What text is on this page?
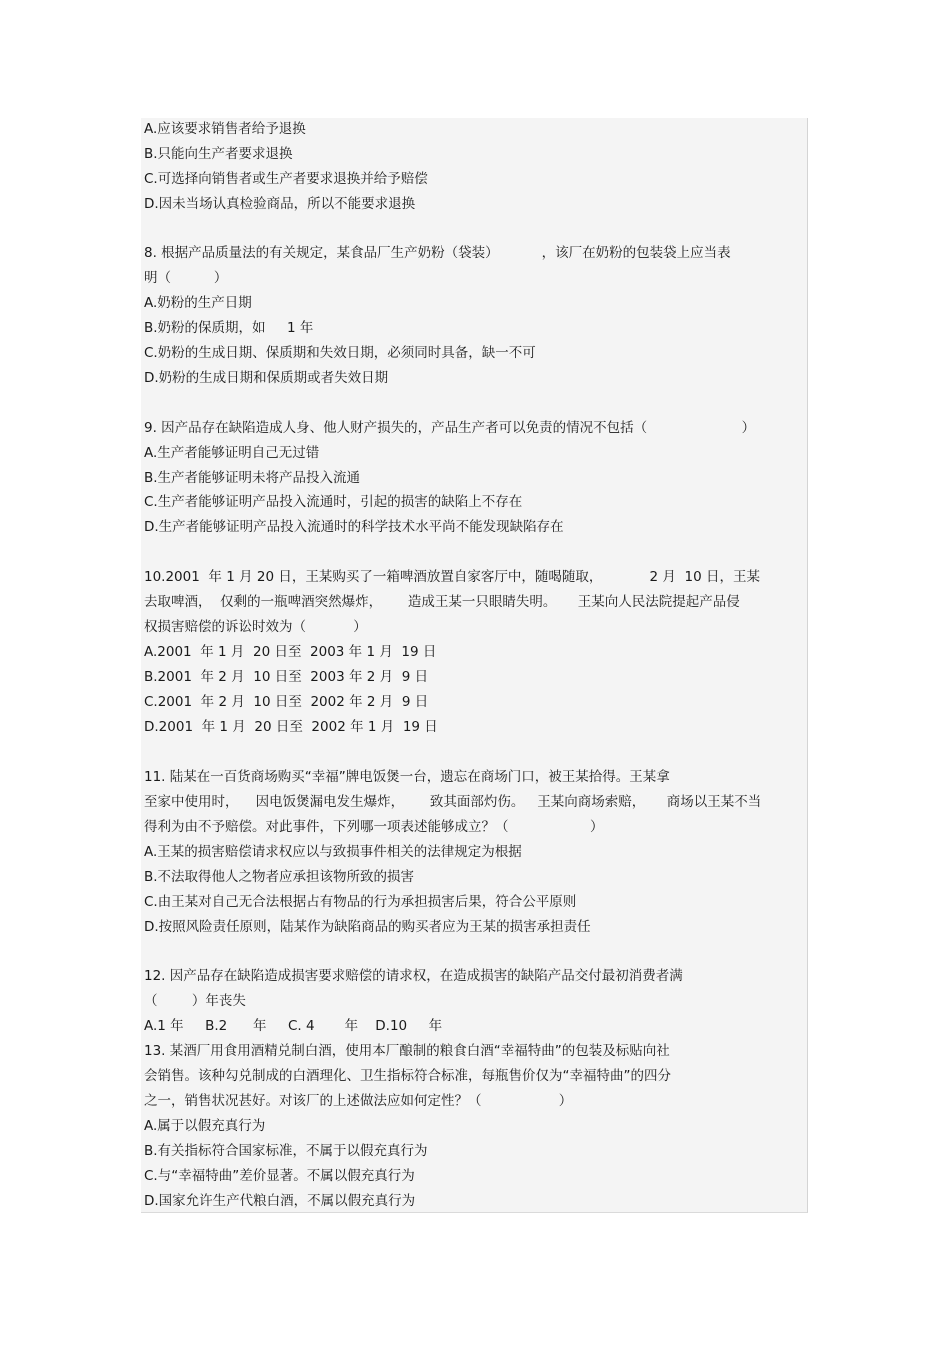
A.应该要求销售者给予退换
B.只能向生产者要求退换
C.可选择向销售者或生产者要求退换并给予赔偿
D.因未当场认真检验商品，所以不能要求退换
8. 根据产品质量法的有关规定，某食品厂生产奶粉（袋装）          ，该厂在奶粉的包装袋上应当表
明（          ）
A.奶粉的生产日期
B.奶粉的保质期，如     1 年
C.奶粉的生成日期、保质期和失效日期，必须同时具备，缺一不可
D.奶粉的生成日期和保质期或者失效日期
9. 因产品存在缺陷造成人身、他人财产损失的，产品生产者可以免责的情况不包括（                      ）
A.生产者能够证明自己无过错
B.生产者能够证明未将产品投入流通
C.生产者能够证明产品投入流通时，引起的损害的缺陷上不存在
D.生产者能够证明产品投入流通时的科学技术水平尚不能发现缺陷存在
10.2001  年 1 月 20 日，王某购买了一箱啤酒放置自家客厅中，随喝随取，           2 月  10 日，王某
去取啤酒，  仅剩的一瓶啤酒突然爆炸，      造成王某一只眼睛失明。     王某向人民法院提起产品侵
权损害赔偿的诉讼时效为（           ）
A.2001  年 1 月  20 日至  2003 年 1 月  19 日
B.2001  年 2 月  10 日至  2003 年 2 月  9 日
C.2001  年 2 月  10 日至  2002 年 2 月  9 日
D.2001  年 1 月  20 日至  2002 年 1 月  19 日
11. 陆某在一百货商场购买“幸福”牌电饭煲一台，遗忘在商场门口，被王某拾得。王某拿
至家中使用时，    因电饭煲漏电发生爆炸，      致其面部灼伤。   王某向商场索赔，     商场以王某不当
得利为由不予赔偿。对此事件，下列哪一项表述能够成立？（                   ）
A.王某的损害赔偿请求权应以与致损事件相关的法律规定为根据
B.不法取得他人之物者应承担该物所致的损害
C.由王某对自己无合法根据占有物品的行为承担损害后果，符合公平原则
D.按照风险责任原则，陆某作为缺陷商品的购买者应为王某的损害承担责任
12. 因产品存在缺陷造成损害要求赔偿的请求权，在造成损害的缺陷产品交付最初消费者满
（        ）年丧失
A.1 年     B.2      年     C. 4       年    D.10     年
13. 某酒厂用食用酒精兑制白酒，使用本厂酿制的粮食白酒“幸福特曲”的包装及标贴向社
会销售。该种勾兑制成的白酒理化、卫生指标符合标准，每瓶售价仅为“幸福特曲”的四分
之一，销售状况甚好。对该厂的上述做法应如何定性？（                  ）
A.属于以假充真行为
B.有关指标符合国家标准，不属于以假充真行为
C.与“幸福特曲”差价显著。不属以假充真行为
D.国家允许生产代粮白酒，不属以假充真行为
